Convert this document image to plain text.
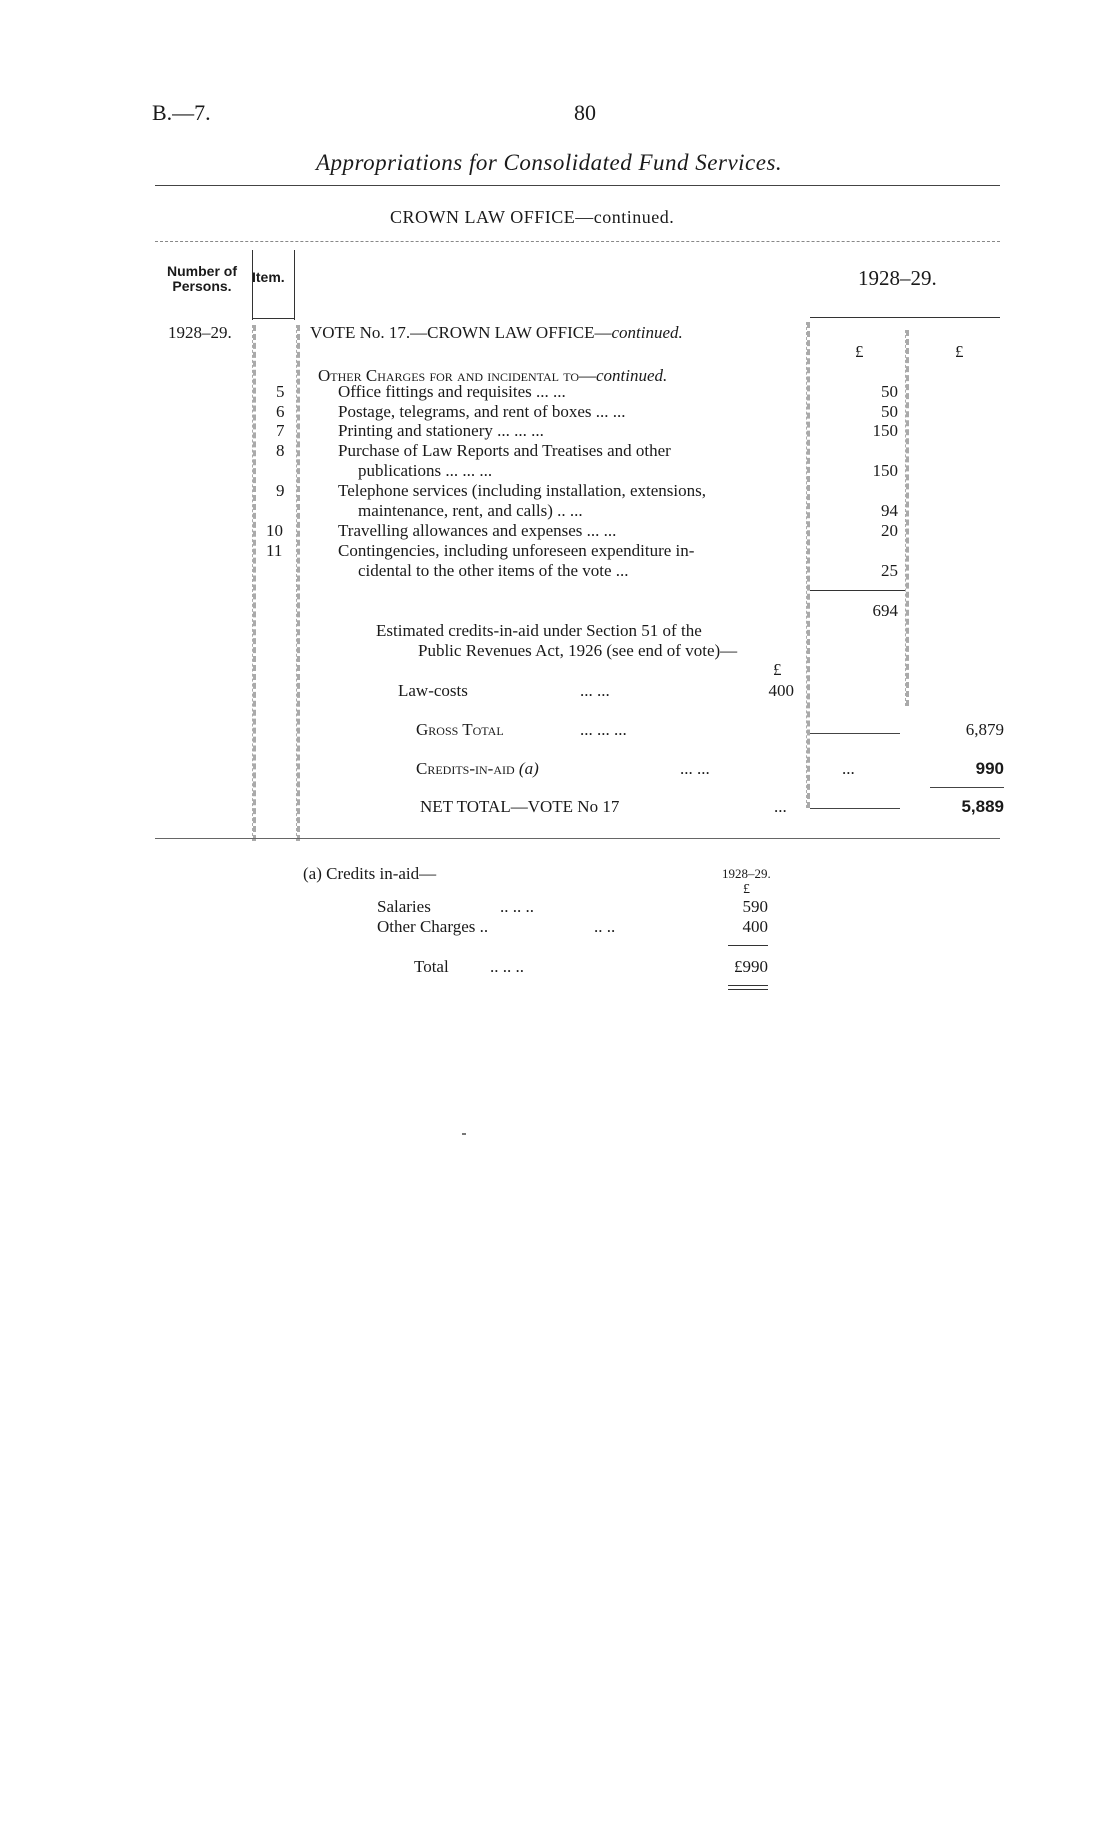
B.—7.	80
Appropriations for Consolidated Fund Services.
CROWN LAW OFFICE—continued.
Number of Persons.
Item.	1928–29.
1928–29.	VOTE No. 17.—CROWN LAW OFFICE—continued.
£	£
Other Charges for and incidental to—continued.
5	Office fittings and requisites ... ...	50
6	Postage, telegrams, and rent of boxes ... ...	50
7	Printing and stationery ... ... ...	150
8	Purchase of Law Reports and Treatises and other
publications ... ... ...	150
9	Telephone services (including installation, extensions,
maintenance, rent, and calls) .. ...	94
10	Travelling allowances and expenses ... ...	20
11	Contingencies, including unforeseen expenditure in-
cidental to the other items of the vote ...	25
694
Estimated credits-in-aid under Section 51 of the
Public Revenues Act, 1926 (see end of vote)—
£
Law-costs	... ...	400
Gross Total	... ... ...	6,879
Credits-in-aid (a)	... ...	...	990
NET TOTAL—VOTE No 17	...	5,889
(a) Credits in-aid—	1928–29.
£
Salaries	.. .. ..	590
Other Charges ..	.. ..	400
Total .. .. ..	£990
